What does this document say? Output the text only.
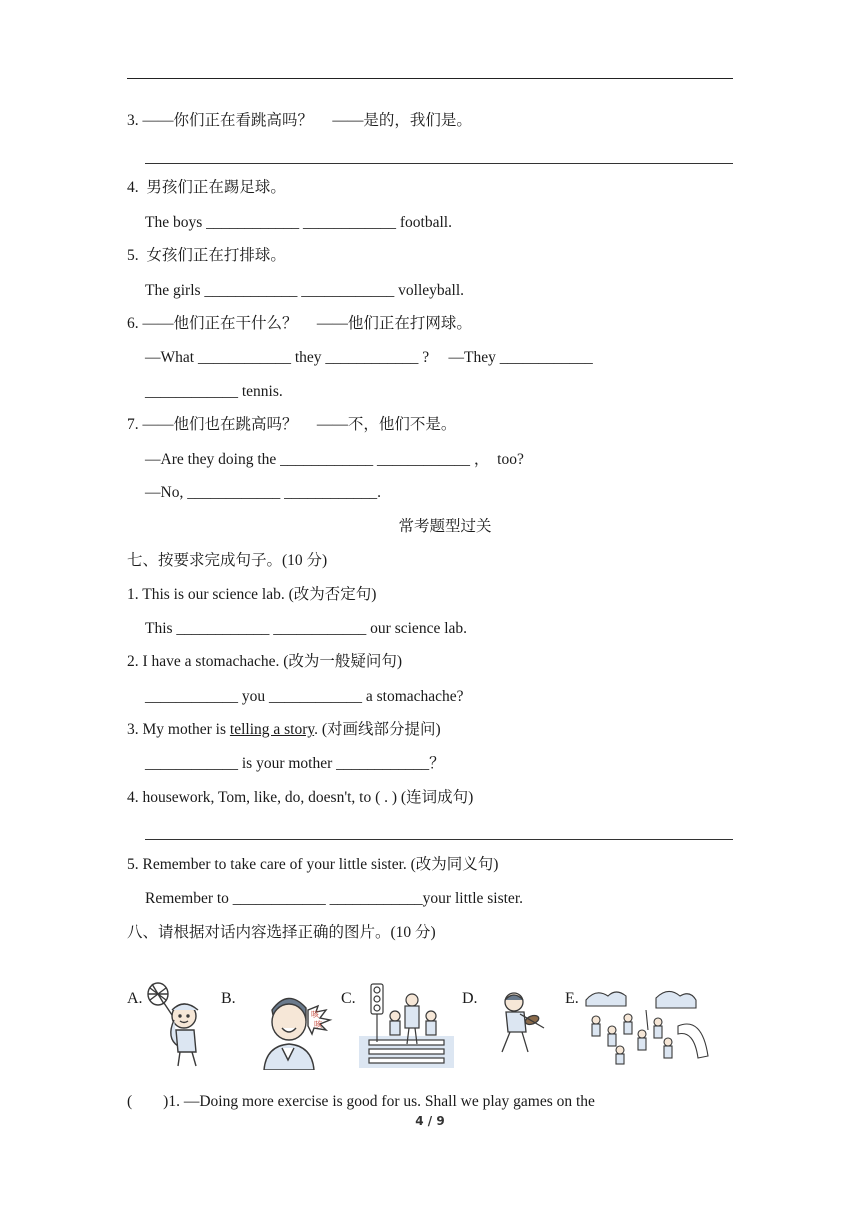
3. ——你们正在看跳高吗？　 ——是的，我们是。
4.  男孩们正在踢足球。
The boys ____________ ____________ football.
5.  女孩们正在打排球。
The girls ____________ ____________ volleyball.
6. ——他们正在干什么？　 ——他们正在打网球。
—What ____________ they ____________ ?　 —They ____________
____________ tennis.
7. ——他们也在跳高吗？　 ——不，他们不是。
—Are they doing the ____________ ____________ ，  too?
—No, ____________ ____________.
常考题型过关
七、按要求完成句子。(10 分)
1. This is our science lab. (改为否定句)
This ____________ ____________ our science lab.
2. I have a stomachache. (改为一般疑问句)
____________ you ____________ a stomachache?
3. My mother is telling a story. (对画线部分提问)
____________ is your mother ____________？
4. housework, Tom, like, do, doesn't, to ( . ) (连词成句)
5. Remember to take care of your little sister. (改为同义句)
Remember to ____________ ____________your little sister.
八、请根据对话内容选择正确的图片。(10 分)
A.	B.
咳
咳
C.	D.	E.
(　　)1. —Doing more exercise is good for us. Shall we play games on the
4 / 9
